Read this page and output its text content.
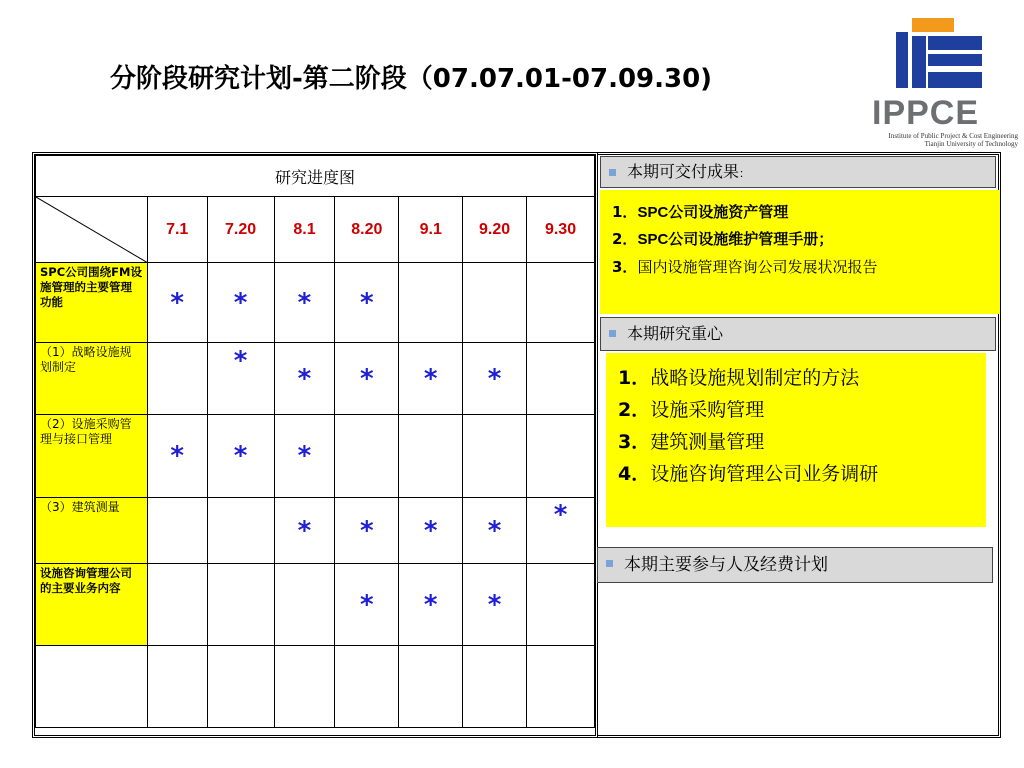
分阶段研究计划-第二阶段（07.07.01-07.09.30)
IPPCE
Institute of Public Project & Cost Engineering
Tianjin University of Technology
研究进度图							

	7.1	7.20	8.1	8.20	9.1	9.20	9.30
SPC公司围绕FM设施管理的主要管理功能	*	*	*	*			

（1）战略设施规划制定		*	*	*	*	*	

（2）设施采购管理与接口管理	*	*	*				

（3）建筑测量			*	*	*	*	*

设施咨询管理公司的主要业务内容				*	*	*	

本期可交付成果：
1．SPC公司设施资产管理
2．SPC公司设施维护管理手册；
3．国内设施管理咨询公司发展状况报告
本期研究重心
1．战略设施规划制定的方法
2．设施采购管理
3．建筑测量管理
4．设施咨询管理公司业务调研
本期主要参与人及经费计划
